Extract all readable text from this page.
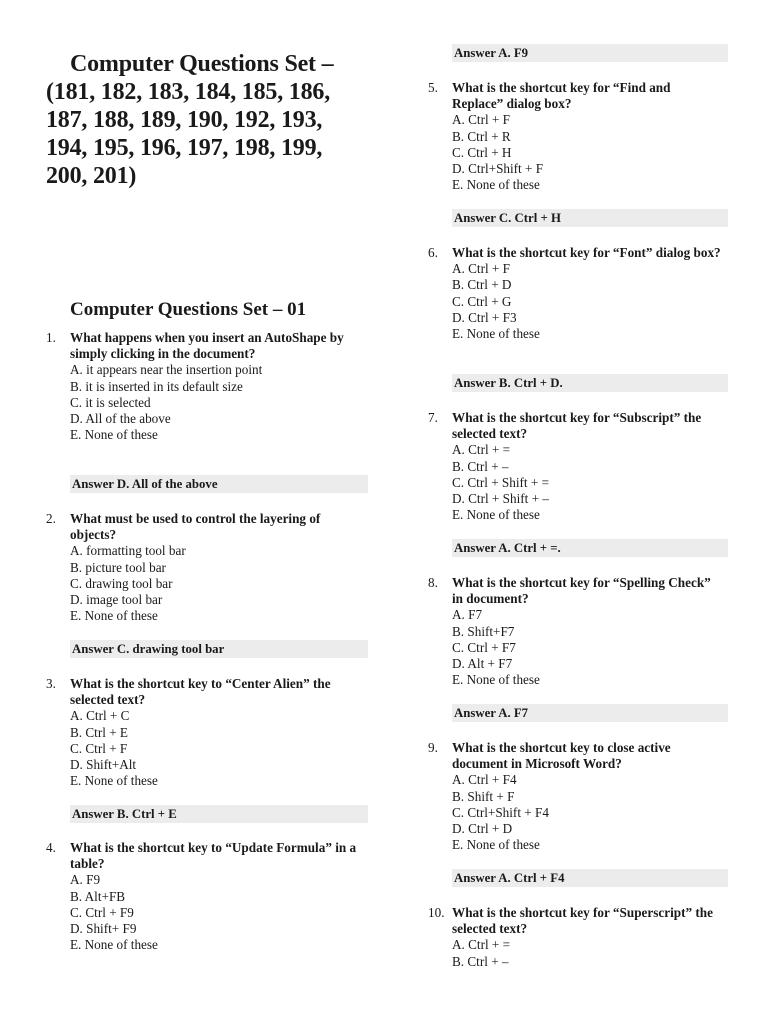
Computer Questions Set – (181, 182, 183, 184, 185, 186, 187, 188, 189, 190, 192, 193, 194, 195, 196, 197, 198, 199, 200, 201)
Computer Questions Set – 01
1.	What happens when you insert an AutoShape by simply clicking in the document?
A. it appears near the insertion point
B. it is inserted in its default size
C. it is selected
D. All of the above
E. None of these
Answer D. All of the above
2.	What must be used to control the layering of objects?
A. formatting tool bar
B. picture tool bar
C. drawing tool bar
D. image tool bar
E. None of these
Answer C. drawing tool bar
3.	What is the shortcut key to “Center Alien” the selected text?
A. Ctrl + C
B. Ctrl + E
C. Ctrl + F
D. Shift+Alt
E. None of these
Answer B. Ctrl + E
4.	What is the shortcut key to “Update Formula” in a table?
A. F9
B. Alt+FB
C. Ctrl + F9
D. Shift+ F9
E. None of these
Answer A. F9
5.	What is the shortcut key for “Find and Replace” dialog box?
A. Ctrl + F
B. Ctrl + R
C. Ctrl + H
D. Ctrl+Shift + F
E. None of these
Answer C. Ctrl + H
6.	What is the shortcut key for “Font” dialog box?
A. Ctrl + F
B. Ctrl + D
C. Ctrl + G
D. Ctrl + F3
E. None of these
Answer B. Ctrl + D.
7.	What is the shortcut key for “Subscript” the selected text?
A. Ctrl + =
B. Ctrl + –
C. Ctrl + Shift + =
D. Ctrl + Shift + –
E. None of these
Answer A. Ctrl + =.
8.	What is the shortcut key for “Spelling Check” in document?
A. F7
B. Shift+F7
C. Ctrl + F7
D. Alt + F7
E. None of these
Answer A. F7
9.	What is the shortcut key to close active document in Microsoft Word?
A. Ctrl + F4
B. Shift + F
C. Ctrl+Shift + F4
D. Ctrl + D
E. None of these
Answer A. Ctrl + F4
10. What is the shortcut key for “Superscript” the selected text?
A. Ctrl + =
B. Ctrl + –
